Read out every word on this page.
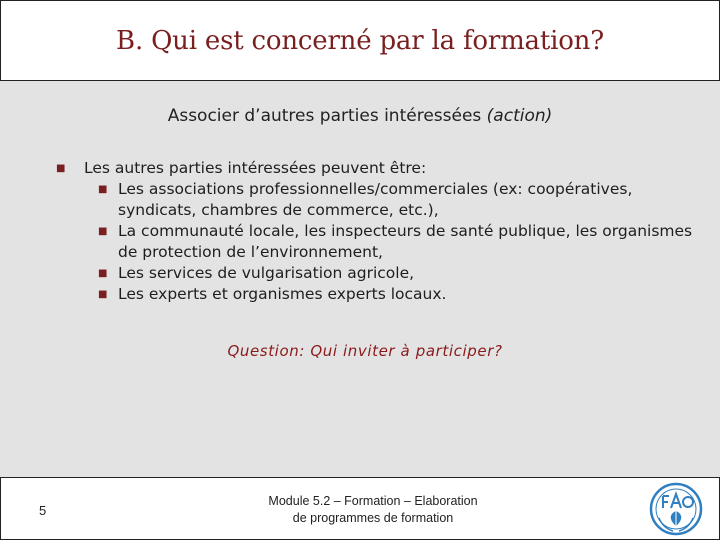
B. Qui est concerné par la formation?
Associer d’autres parties intéressées (action)
■ Les autres parties intéressées peuvent être:
■ Les associations professionnelles/commerciales (ex: coopératives, syndicats, chambres de commerce, etc.),
■ La communauté locale, les inspecteurs de santé publique, les organismes de protection de l’environnement,
■ Les services de vulgarisation agricole,
■ Les experts et organismes experts locaux.
Question: Qui inviter à participer?
5
Module 5.2 – Formation – Elaboration
de programmes de formation
